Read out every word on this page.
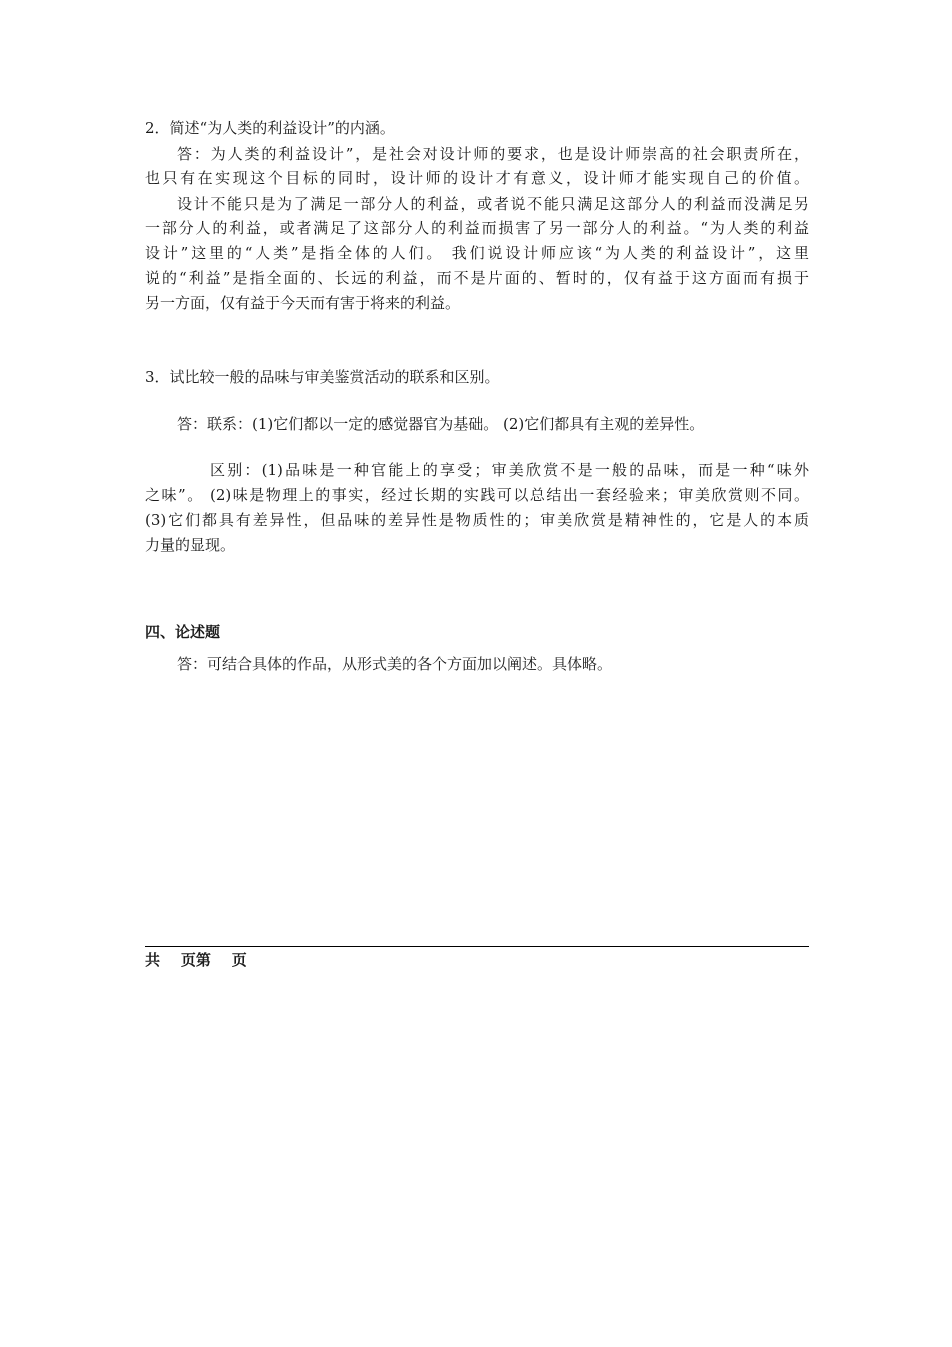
2．简述“为人类的利益设计”的内涵。
答：为人类的利益设计”，是社会对设计师的要求，也是设计师崇高的社会职责所在，
也只有在实现这个目标的同时，设计师的设计才有意义，设计师才能实现自己的价值。
设计不能只是为了满足一部分人的利益，或者说不能只满足这部分人的利益而没满足另
一部分人的利益，或者满足了这部分人的利益而损害了另一部分人的利益。“为人类的利益
设计”这里的“人类”是指全体的人们。 我们说设计师应该“为人类的利益设计”，这里
说的“利益”是指全面的、长远的利益，而不是片面的、暂时的，仅有益于这方面而有损于
另一方面，仅有益于今天而有害于将来的利益。
3．试比较一般的品味与审美鉴赏活动的联系和区别。
答：联系：(1)它们都以一定的感觉器官为基础。 (2)它们都具有主观的差异性。
区别：(1)品味是一种官能上的享受；审美欣赏不是一般的品味，而是一种“味外
之味”。 (2)味是物理上的事实，经过长期的实践可以总结出一套经验来；审美欣赏则不同。
(3)它们都具有差异性，但品味的差异性是物质性的；审美欣赏是精神性的，它是人的本质
力量的显现。
四、论述题
答：可结合具体的作品，从形式美的各个方面加以阐述。具体略。
共    页第    页
